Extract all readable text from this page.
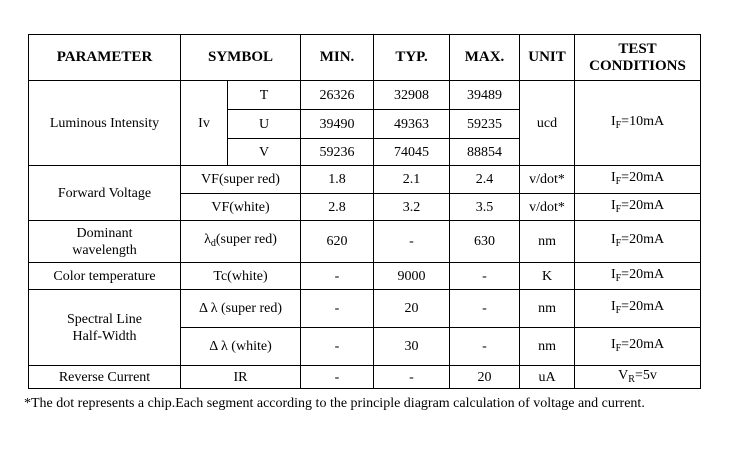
PARAMETER	SYMBOL		MIN.	TYP.	MAX.	UNIT	TEST
CONDITIONS
Luminous Intensity	Iv	T	26326	32908	39489	ucd	$I_F=10mA$
		U	39490	49363	59235		
		V	59236	74045	88854		
Forward Voltage	VF(super red)		1.8	2.1	2.4	v/dot*	$I_F=20mA$
	VF(white)		2.8	3.2	3.5	v/dot*	$I_F=20mA$
Dominant
wavelength	$\lambda_d(super$ red)		620	-	630	nm	$I_F=20mA$
Color temperature	Tc(white)		-	9000	-	K	$I_F=20mA$
Spectral Line
Half-Width	Δ λ (super red)		-	20	-	nm	$I_F=20mA$
	Δ λ (white)		-	30	-	nm	$I_F=20mA$
Reverse Current	IR		-	-	20	uA	$V_R=5v$
*The dot represents a chip.Each segment according to the principle diagram calculation of voltage and current.
